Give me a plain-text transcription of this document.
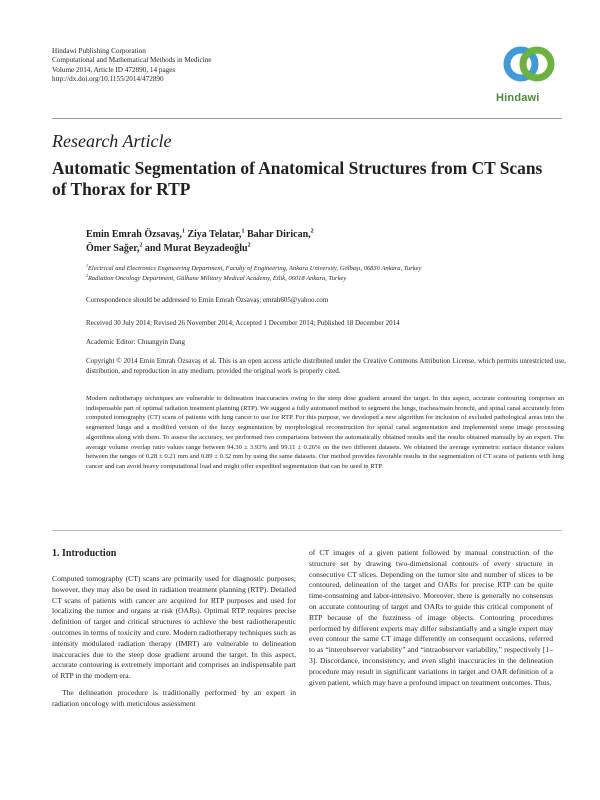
Hindawi Publishing Corporation
Computational and Mathematical Methods in Medicine
Volume 2014, Article ID 472890, 14 pages
http://dx.doi.org/10.1155/2014/472890
Hindawi
Research Article
Automatic Segmentation of Anatomical Structures from CT Scans of Thorax for RTP
Emin Emrah Özsavaş,$^1$ Ziya Telatar,$^1$ Bahar Dirican,$^2$
Ömer Sağer,$^2$ and Murat Beyzadeoğlu$^2$
$^1$Electrical and Electronics Engineering Department, Faculty of Engineering, Ankara University, Gölbaşı, 06830 Ankara, Turkey
$^2$Radiation Oncology Department, Gülhane Military Medical Academy, Etlik, 06018 Ankara, Turkey
Correspondence should be addressed to Emin Emrah Özsavaş; emrah605@yahoo.com
Received 30 July 2014; Revised 26 November 2014; Accepted 1 December 2014; Published 18 December 2014
Academic Editor: Chuangyin Dang
Copyright © 2014 Emin Emrah Özsavaş et al. This is an open access article distributed under the Creative Commons Attribution License, which permits unrestricted use, distribution, and reproduction in any medium, provided the original work is properly cited.
Modern radiotherapy techniques are vulnerable to delineation inaccuracies owing to the steep dose gradient around the target. In this aspect, accurate contouring comprises an indispensable part of optimal radiation treatment planning (RTP). We suggest a fully automated method to segment the lungs, trachea/main bronchi, and spinal canal accurately from computed tomography (CT) scans of patients with lung cancer to use for RTP. For this purpose, we developed a new algorithm for inclusion of excluded pathological areas into the segmented lungs and a modified version of the fuzzy segmentation by morphological reconstruction for spinal canal segmentation and implemented some image processing algorithms along with them. To assess the accuracy, we performed two comparisons between the automatically obtained results and the results obtained manually by an expert. The average volume overlap ratio values range between 94.30 ± 3.93% and 99.11 ± 0.26% on the two different datasets. We obtained the average symmetric surface distance values between the ranges of 0.28 ± 0.21 mm and 0.89 ± 0.32 mm by using the same datasets. Our method provides favorable results in the segmentation of CT scans of patients with lung cancer and can avoid heavy computational load and might offer expedited segmentation that can be used in RTP.
1. Introduction

Computed tomography (CT) scans are primarily used for diagnostic purposes; however, they may also be used in radiation treatment planning (RTP). Detailed CT scans of patients with cancer are acquired for RTP purposes and used for localizing the tumor and organs at risk (OARs). Optimal RTP requires precise definition of target and critical structures to achieve the best radiotherapeutic outcomes in terms of toxicity and cure. Modern radiotherapy techniques such as intensity modulated radiation therapy (IMRT) are vulnerable to delineation inaccuracies due to the steep dose gradient around the target. In this aspect, accurate contouring is extremely important and comprises an indispensable part of RTP in the modern era.

The delineation procedure is traditionally performed by an expert in radiation oncology with meticulous assessment

of CT images of a given patient followed by manual construction of the structure set by drawing two-dimensional contours of every structure in consecutive CT slices. Depending on the tumor site and number of slices to be contoured, delineation of the target and OARs for precise RTP can be quite time-consuming and labor-intensive. Moreover, there is generally no consensus on accurate contouring of target and OARs to guide this critical component of RTP because of the fuzziness of image objects. Contouring procedures performed by different experts may differ substantially and a single expert may even contour the same CT image differently on consequent occasions, referred to as “interobserver variability” and “intraobserver variability,” respectively [1–3]. Discordance, inconsistency, and even slight inaccuracies in the delineation procedure may result in significant variations in target and OAR definition of a given patient, which may have a profound impact on treatment outcomes. Thus,
